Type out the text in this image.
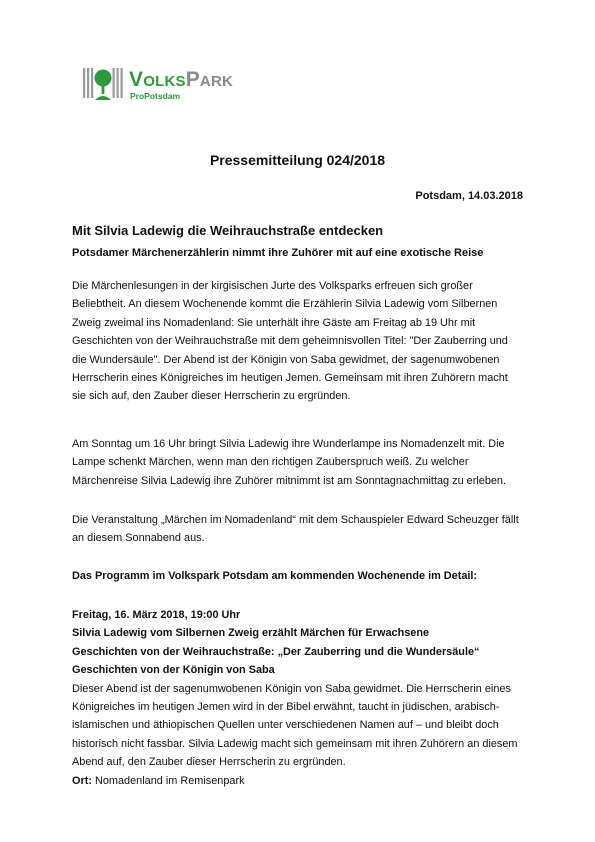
VOLKSPARK
ProPotsdam
Pressemitteilung 024/2018
Potsdam, 14.03.2018
Mit Silvia Ladewig die Weihrauchstraße entdecken
Potsdamer Märchenerzählerin nimmt ihre Zuhörer mit auf eine exotische Reise
Die Märchenlesungen in der kirgisischen Jurte des Volksparks erfreuen sich großer
Beliebtheit. An diesem Wochenende kommt die Erzählerin Silvia Ladewig vom Silbernen
Zweig zweimal ins Nomadenland: Sie unterhält ihre Gäste am Freitag ab 19 Uhr mit
Geschichten von der Weihrauchstraße mit dem geheimnisvollen Titel: "Der Zauberring und
die Wundersäule". Der Abend ist der Königin von Saba gewidmet, der sagenumwobenen
Herrscherin eines Königreiches im heutigen Jemen. Gemeinsam mit ihren Zuhörern macht
sie sich auf, den Zauber dieser Herrscherin zu ergründen.
Am Sonntag um 16 Uhr bringt Silvia Ladewig ihre Wunderlampe ins Nomadenzelt mit. Die
Lampe schenkt Märchen, wenn man den richtigen Zauberspruch weiß. Zu welcher
Märchenreise Silvia Ladewig ihre Zuhörer mitnimmt ist am Sonntagnachmittag zu erleben.
Die Veranstaltung „Märchen im Nomadenland“ mit dem Schauspieler Edward Scheuzger fällt
an diesem Sonnabend aus.
Das Programm im Volkspark Potsdam am kommenden Wochenende im Detail:
Freitag, 16. März 2018, 19:00 Uhr
Silvia Ladewig vom Silbernen Zweig erzählt Märchen für Erwachsene
Geschichten von der Weihrauchstraße: „Der Zauberring und die Wundersäule“
Geschichten von der Königin von Saba
Dieser Abend ist der sagenumwobenen Königin von Saba gewidmet. Die Herrscherin eines
Königreiches im heutigen Jemen wird in der Bibel erwähnt, taucht in jüdischen, arabisch-
islamischen und äthiopischen Quellen unter verschiedenen Namen auf – und bleibt doch
historisch nicht fassbar. Silvia Ladewig macht sich gemeinsam mit ihren Zuhörern an diesem
Abend auf, den Zauber dieser Herrscherin zu ergründen.
Ort: Nomadenland im Remisenpark
